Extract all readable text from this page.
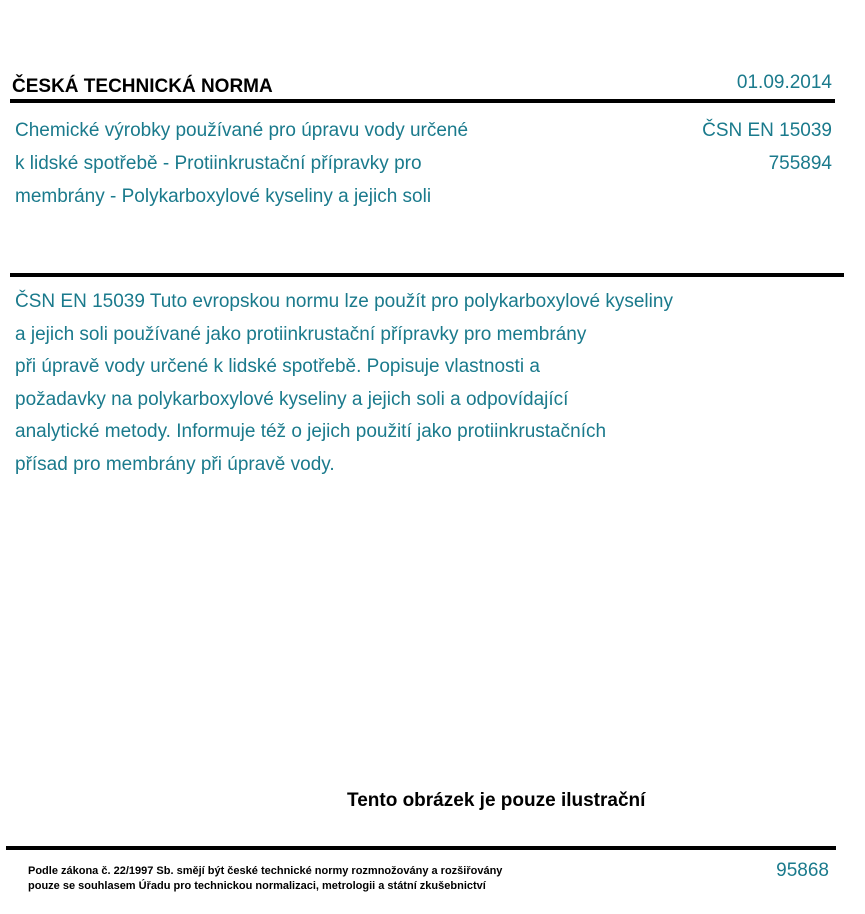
ČESKÁ TECHNICKÁ NORMA	01.09.2014
Chemické výrobky používané pro úpravu vody určené
k lidské spotřebě - Protiinkrustační přípravky pro
membrány - Polykarboxylové kyseliny a jejich soli
ČSN EN 15039
755894
ČSN EN 15039 Tuto evropskou normu lze použít pro polykarboxylové kyseliny
a jejich soli používané jako protiinkrustační přípravky pro membrány
při úpravě vody určené k lidské spotřebě. Popisuje vlastnosti a
požadavky na polykarboxylové kyseliny a jejich soli a odpovídající
analytické metody. Informuje též o jejich použití jako protiinkrustačních
přísad pro membrány při úpravě vody.
Tento obrázek je pouze ilustrační
Podle zákona č. 22/1997 Sb. smějí být české technické normy rozmnožovány a rozšiřovány
pouze se souhlasem Úřadu pro technickou normalizaci, metrologii a státní zkušebnictví
95868
